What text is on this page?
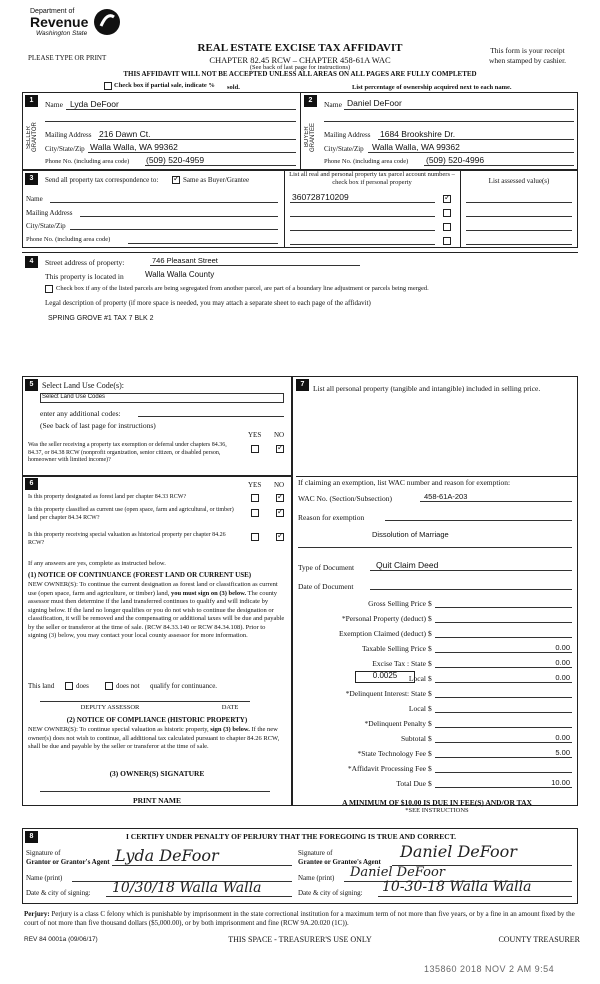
Department of
Revenue
Washington State
PLEASE TYPE OR PRINT
REAL ESTATE EXCISE TAX AFFIDAVIT
CHAPTER 82.45 RCW – CHAPTER 458-61A WAC
(See back of last page for instructions)
This form is your receipt
when stamped by cashier.
THIS AFFIDAVIT WILL NOT BE ACCEPTED UNLESS ALL AREAS ON ALL PAGES ARE FULLY COMPLETED
Check box if partial sale, indicate % sold.	List percentage of ownership acquired next to each name.
1
SELLER GRANTOR
Name Lyda DeFoor
Mailing Address 216 Dawn Ct.
City/State/Zip Walla Walla, WA 99362
Phone No. (including area code) (509) 520-4959
2
BUYER GRANTEE
Name Daniel DeFoor
Mailing Address 1684 Brookshire Dr.
City/State/Zip Walla Walla, WA 99362
Phone No. (including area code) (509) 520-4996
3	Send all property tax correspondence to:
✓	Same as Buyer/Grantee
Name
Mailing Address
City/State/Zip
Phone No. (including area code)
List all real and personal property tax parcel account numbers – check box if personal property	List assessed value(s)
360728710209
✓
4	Street address of property:	746 Pleasant Street
This property is located in	Walla Walla County
Check box if any of the listed parcels are being segregated from another parcel, are part of a boundary line adjustment or parcels being merged.
Legal description of property (if more space is needed, you may attach a separate sheet to each page of the affidavit)
SPRING GROVE #1 TAX 7 BLK 2
5	Select Land Use Code(s):
Select Land Use Codes
enter any additional codes:
(See back of last page for instructions)
YES NO
Was the seller receiving a property tax exemption or deferral under chapters 84.36, 84.37, or 84.38 RCW (nonprofit organization, senior citizen, or disabled person, homeowner with limited income)?
✓
6	YES NO
Is this property designated as forest land per chapter 84.33 RCW?
✓
Is this property classified as current use (open space, farm and agricultural, or timber) land per chapter 84.34 RCW?
✓
Is this property receiving special valuation as historical property per chapter 84.26 RCW?
✓
If any answers are yes, complete as instructed below.
(1) NOTICE OF CONTINUANCE (FOREST LAND OR CURRENT USE)
NEW OWNER(S): To continue the current designation as forest land or classification as current use (open space, farm and agriculture, or timber) land, you must sign on (3) below. The county assessor must then determine if the land transferred continues to qualify and will indicate by signing below. If the land no longer qualifies or you do not wish to continue the designation or classification, it will be removed and the compensating or additional taxes will be due and payable by the seller or transferor at the time of sale. (RCW 84.33.140 or RCW 84.34.108). Prior to signing (3) below, you may contact your local county assessor for more information.
This land	does	does not qualify for continuance.
DEPUTY ASSESSOR	DATE
(2) NOTICE OF COMPLIANCE (HISTORIC PROPERTY)
NEW OWNER(S): To continue special valuation as historic property, sign (3) below. If the new owner(s) does not wish to continue, all additional tax calculated pursuant to chapter 84.26 RCW, shall be due and payable by the seller or transferor at the time of sale.
(3) OWNER(S) SIGNATURE
PRINT NAME
7	List all personal property (tangible and intangible) included in selling price.
If claiming an exemption, list WAC number and reason for exemption:
WAC No. (Section/Subsection)	458-61A-203
Reason for exemption
Dissolution of Marriage
Type of Document	Quit Claim Deed
Date of Document
Gross Selling Price $
*Personal Property (deduct) $
Exemption Claimed (deduct) $
Taxable Selling Price $	0.00
Excise Tax : State $	0.00
Local $	0.00
*Delinquent Interest: State $
Local $
*Delinquent Penalty $
Subtotal $	0.00
*State Technology Fee $	5.00
*Affidavit Processing Fee $
Total Due $	10.00
0.0025
A MINIMUM OF $10.00 IS DUE IN FEE(S) AND/OR TAX
*SEE INSTRUCTIONS
8	I CERTIFY UNDER PENALTY OF PERJURY THAT THE FOREGOING IS TRUE AND CORRECT.
Signature of
Grantor or Grantor's Agent Lyda DeFoor
Name (print)
Date & city of signing: 10/30/18 Walla Walla
Signature of
Grantee or Grantee's Agent
Daniel DeFoor
Name (print) Daniel DeFoor
Date & city of signing: 10-30-18 Walla Walla
Perjury: Perjury is a class C felony which is punishable by imprisonment in the state correctional institution for a maximum term of not more than five years, or by a fine in an amount fixed by the court of not more than five thousand dollars ($5,000.00), or by both imprisonment and fine (RCW 9A.20.020 (1C)).
REV 84 0001a (09/06/17)	THIS SPACE - TREASURER'S USE ONLY	COUNTY TREASURER
135860 2018 NOV 2 AM 9:54
